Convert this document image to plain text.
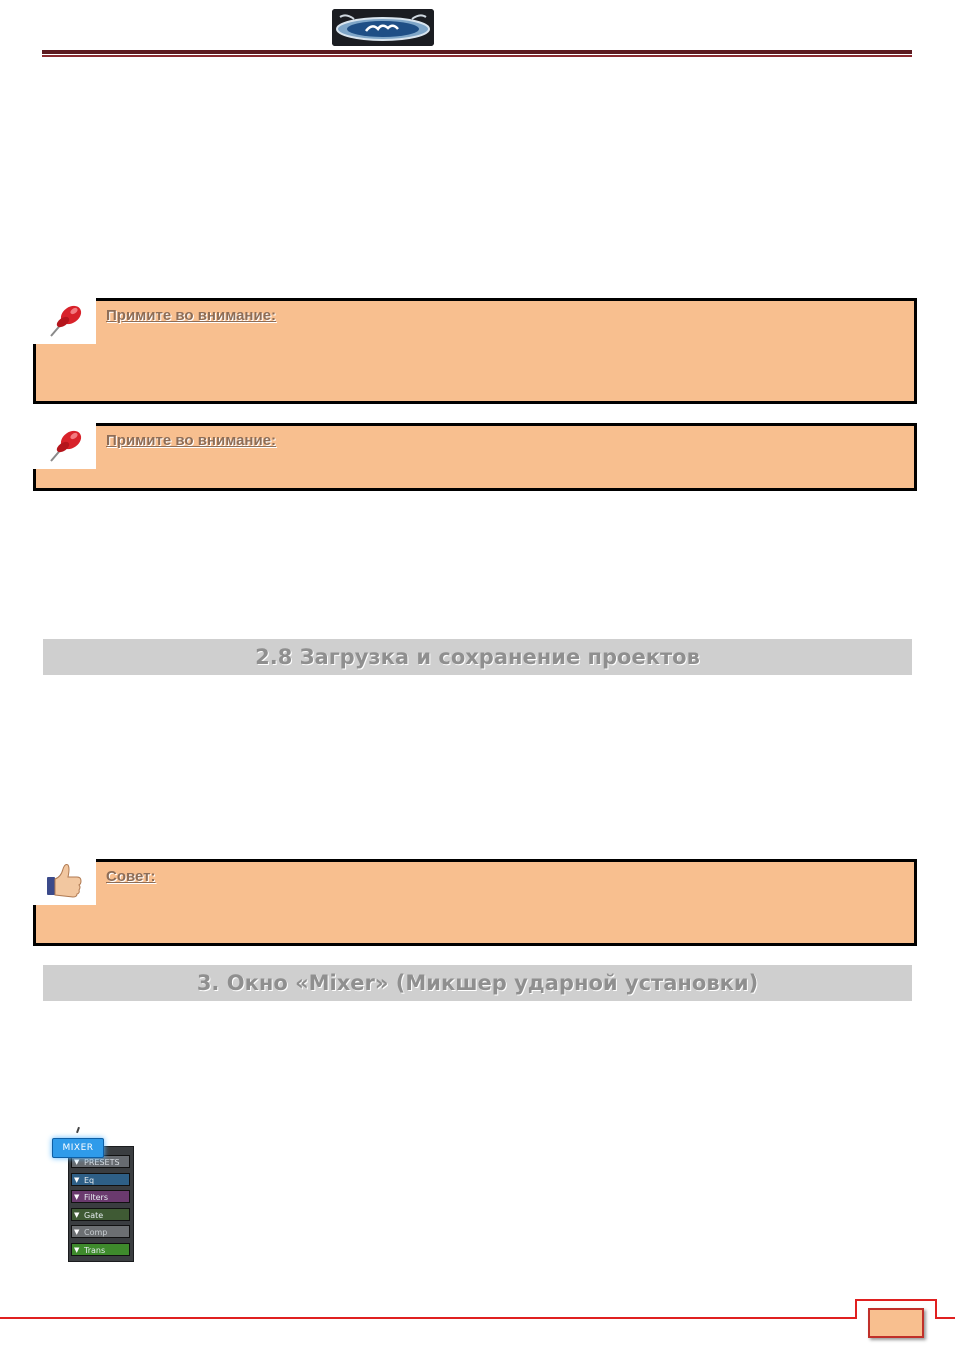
Примите во внимание:
Примите во внимание:
2.8 Загрузка и сохранение проектов
Совет:
3. Окно «Mixer» (Микшер ударной установки)
▼ PRESETS
▼ Eq
▼ Filters
▼ Gate
▼ Comp
▼ Trans
MIXER
